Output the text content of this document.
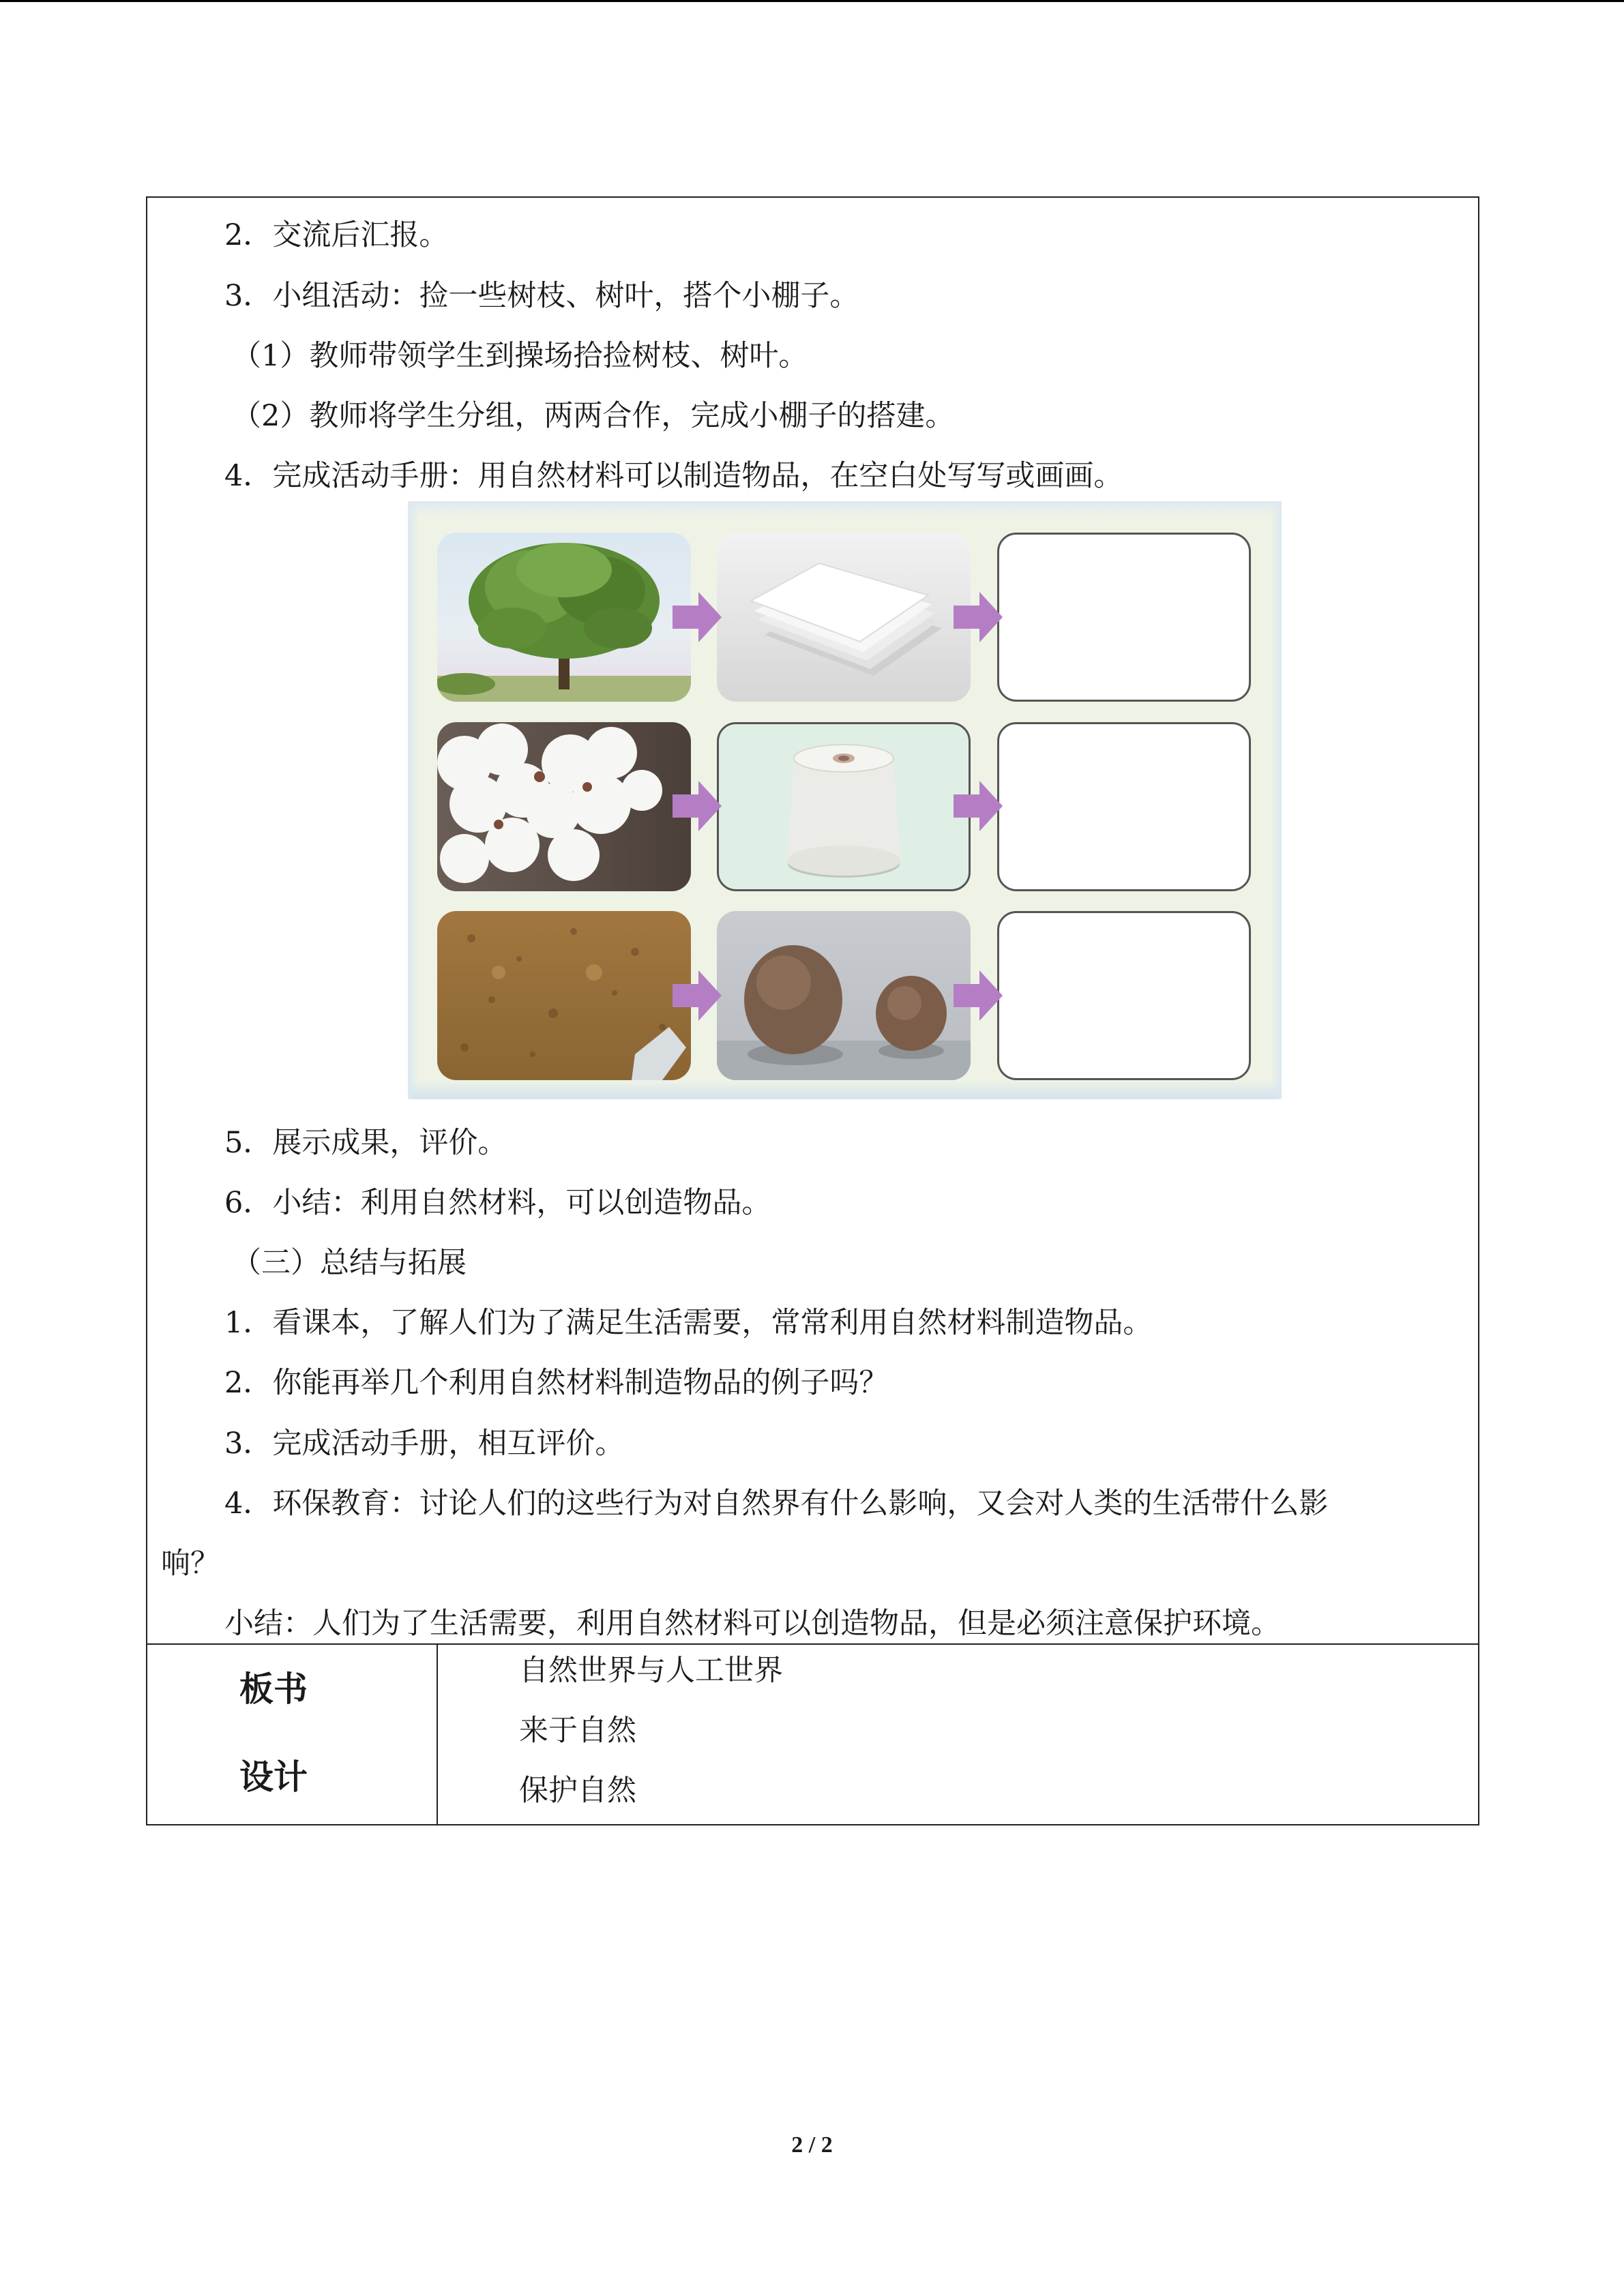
2．交流后汇报。
3．小组活动：捡一些树枝、树叶，搭个小棚子。
（1）教师带领学生到操场拾捡树枝、树叶。
（2）教师将学生分组，两两合作，完成小棚子的搭建。
4．完成活动手册：用自然材料可以制造物品，在空白处写写或画画。
5．展示成果，评价。
6．小结：利用自然材料，可以创造物品。
（三）总结与拓展
1．看课本，了解人们为了满足生活需要，常常利用自然材料制造物品。
2．你能再举几个利用自然材料制造物品的例子吗？
3．完成活动手册，相互评价。
4．环保教育：讨论人们的这些行为对自然界有什么影响，又会对人类的生活带什么影
响？
小结：人们为了生活需要，利用自然材料可以创造物品，但是必须注意保护环境。
板书
设计
自然世界与人工世界
来于自然
保护自然
2 / 2
